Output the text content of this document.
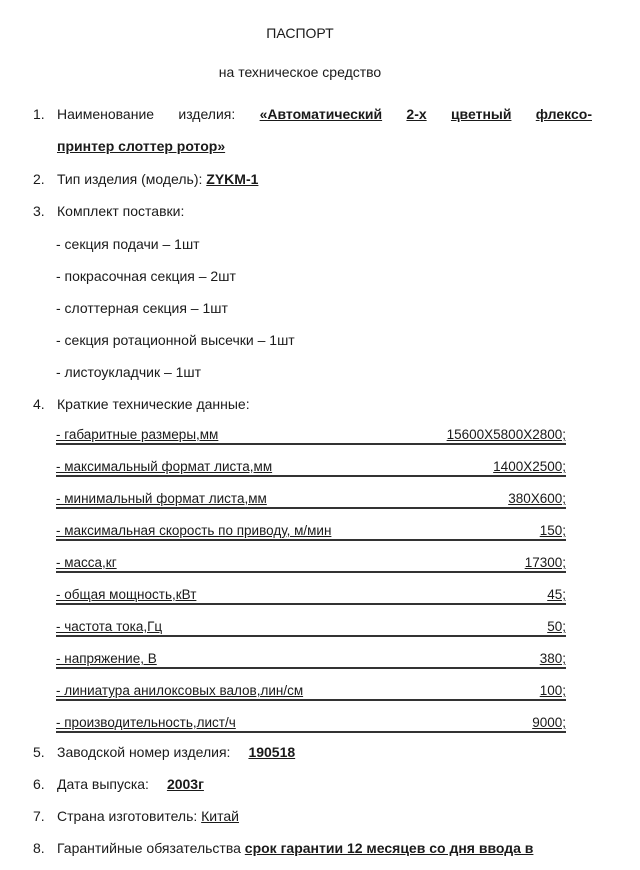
ПАСПОРТ
на техническое средство
1. Наименование изделия: «Автоматический 2-х цветный флексо-
принтер слоттер ротор»
2. Тип изделия (модель): ZYKM-1
3. Комплект поставки:
- секция подачи – 1шт
- покрасочная секция – 2шт
- слоттерная секция – 1шт
- секция ротационной высечки – 1шт
- листоукладчик – 1шт
4. Краткие технические данные:
- габаритные размеры,мм	15600X5800X2800;
- максимальный формат листа,мм	1400X2500;
- минимальный формат листа,мм	380X600;
- максимальная скорость по приводу, м/мин	150;
- масса,кг	17300;
- общая мощность,кВт	45;
- частота тока,Гц	50;
- напряжение, В	380;
- линиатура анилоксовых валов,лин/см	100;
- производительность,лист/ч	9000;
5. Заводской номер изделия: 190518
6. Дата выпуска: 2003г
7. Страна изготовитель: Китай
8. Гарантийные обязательства срок гарантии 12 месяцев со дня ввода в
